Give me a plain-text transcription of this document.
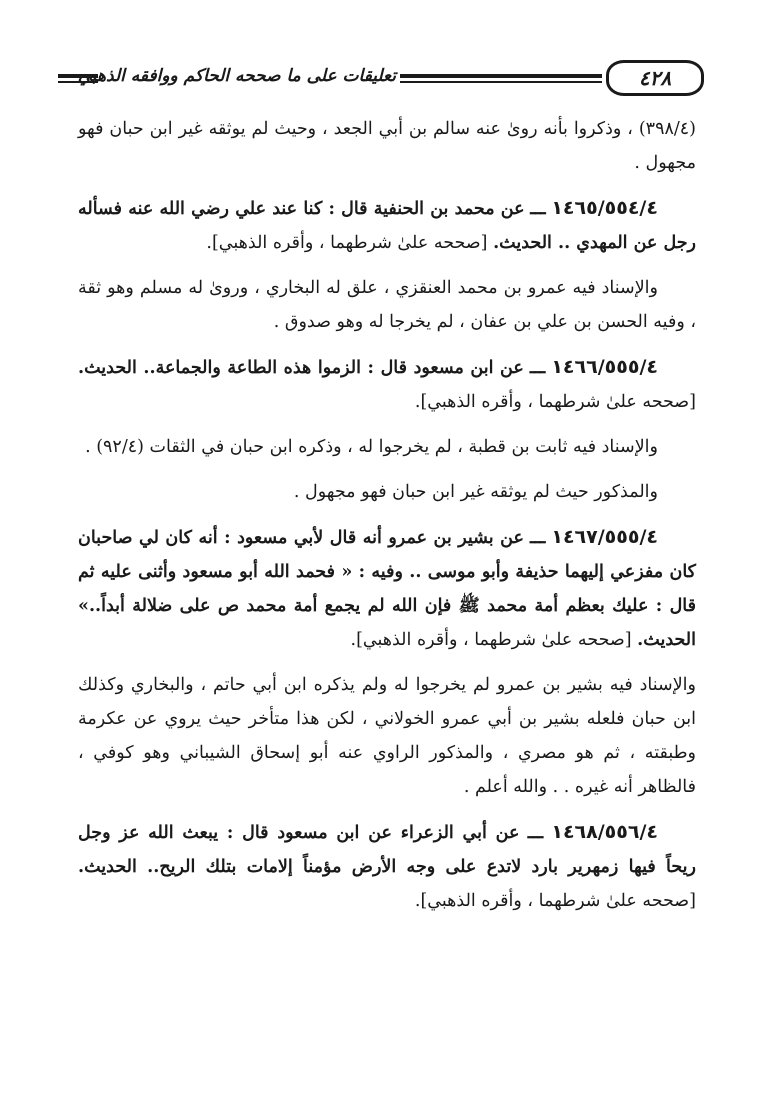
تعليقات على ما صححه الحاكم ووافقه الذهبي	٤٢٨

(٣٩٨/٤) ، وذكروا بأنه روىٰ عنه سالم بن أبي الجعد ، وحيث لم يوثقه غير ابن حبان فهو مجهول .

١٤٦٥/٥٥٤/٤ ـــ عن محمد بن الحنفية قال : كنا عند علي رضي الله عنه فسأله رجل عن المهدي .. الحديث. [صححه علىٰ شرطهما ، وأقره الذهبي].

والإسناد فيه عمرو بن محمد العنقزي ، علق له البخاري ، وروىٰ له مسلم وهو ثقة ، وفيه الحسن بن علي بن عفان ، لم يخرجا له وهو صدوق .

١٤٦٦/٥٥٥/٤ ـــ عن ابن مسعود قال : الزموا هذه الطاعة والجماعة.. الحديث. [صححه علىٰ شرطهما ، وأقره الذهبي].

والإسناد فيه ثابت بن قطبة ، لم يخرجوا له ، وذكره ابن حبان في الثقات (٩٢/٤) .

والمذكور حيث لم يوثقه غير ابن حبان فهو مجهول .

١٤٦٧/٥٥٥/٤ ـــ عن بشير بن عمرو أنه قال لأبي مسعود : أنه كان لي صاحبان كان مفزعي إليهما حذيفة وأبو موسى .. وفيه : « فحمد الله أبو مسعود وأثنى عليه ثم قال : عليك بعظم أمة محمد ﷺ فإن الله لم يجمع أمة محمد ص على ضلالة أبداً..» الحديث. [صححه علىٰ شرطهما ، وأقره الذهبي].

والإسناد فيه بشير بن عمرو لم يخرجوا له ولم يذكره ابن أبي حاتم ، والبخاري وكذلك ابن حبان فلعله بشير بن أبي عمرو الخولاني ، لكن هذا متأخر حيث يروي عن عكرمة وطبقته ، ثم هو مصري ، والمذكور الراوي عنه أبو إسحاق الشيباني وهو كوفي ، فالظاهر أنه غيره . . والله أعلم .

١٤٦٨/٥٥٦/٤ ـــ عن أبي الزعراء عن ابن مسعود قال : يبعث الله عز وجل ريحاً فيها زمهرير بارد لاتدع على وجه الأرض مؤمناً إلامات بتلك الريح.. الحديث. [صححه علىٰ شرطهما ، وأقره الذهبي].
